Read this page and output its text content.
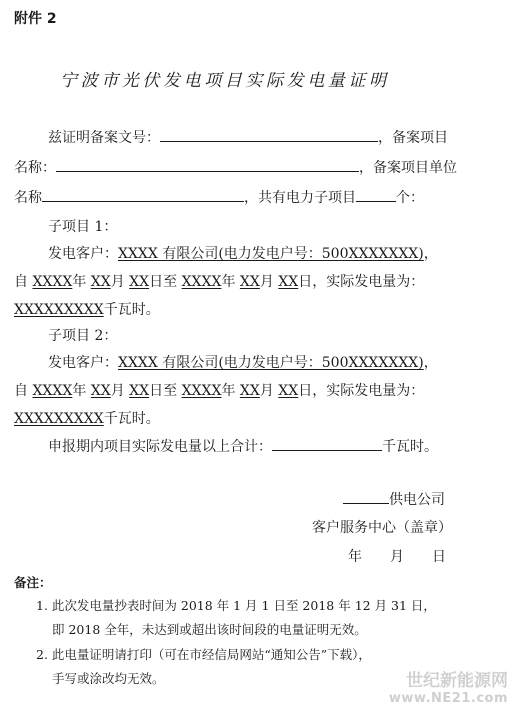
附件 2
宁波市光伏发电项目实际发电量证明
兹证明备案文号：	，备案项目
名称：	，备案项目单位
名称	，共有电力子项目	个：
子项目 1：
发电客户：XXXX 有限公司(电力发电户号：500XXXXXXX)，
自 XXXX年 XX月 XX日至 XXXX年 XX月 XX日，实际发电量为：
XXXXXXXXX千瓦时。
子项目 2：
发电客户：XXXX 有限公司(电力发电户号：500XXXXXXX)，
自 XXXX年 XX月 XX日至 XXXX年 XX月 XX日，实际发电量为：
XXXXXXXXX千瓦时。
申报期内项目实际发电量以上合计：	千瓦时。
供电公司
客户服务中心（盖章）
年　　月　　日
备注：
1. 此次发电量抄表时间为 2018 年 1 月 1 日至 2018 年 12 月 31 日，
即 2018 全年，未达到或超出该时间段的电量证明无效。
2. 此电量证明请打印（可在市经信局网站“通知公告”下载），
手写或涂改均无效。	世纪新能源网
www.NE21.com
